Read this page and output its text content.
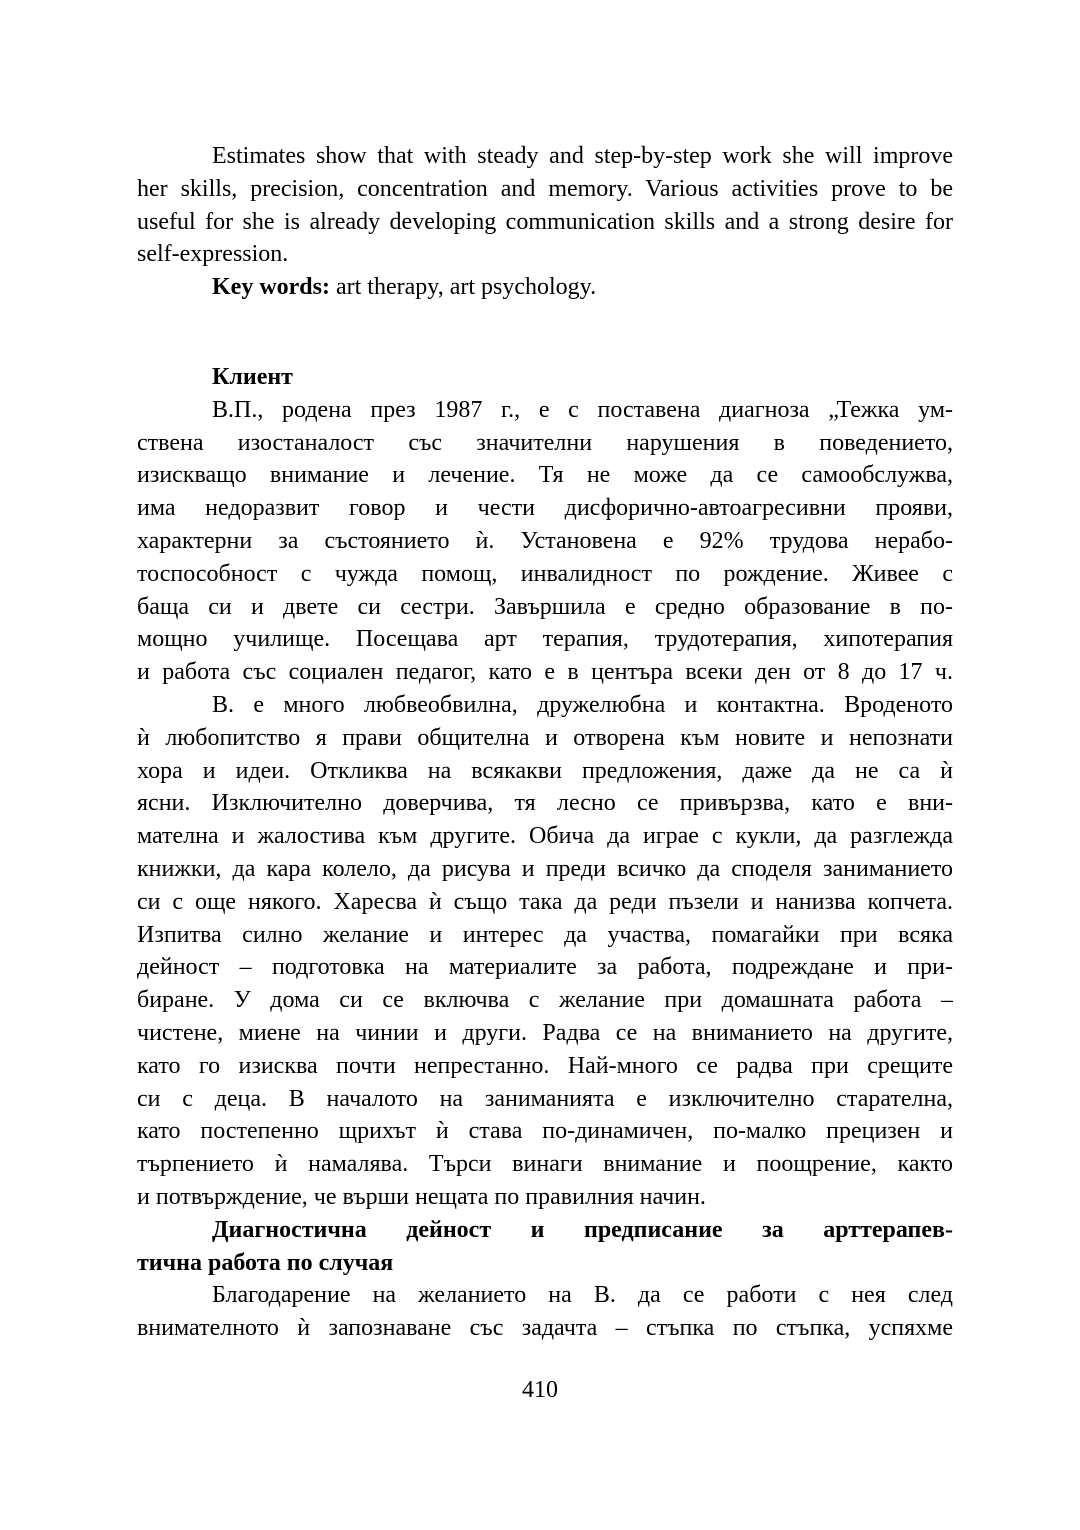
Estimates show that with steady and step-by-step work she will improve
her skills, precision, concentration and memory. Various activities prove to be
useful for she is already developing communication skills and a strong desire for
self-expression.
Key words: art therapy, art psychology.
Клиент
В.П., родена през 1987 г., е с поставена диагноза „Тежка ум-
ствена изостаналост със значителни нарушения в поведението,
изискващо внимание и лечение. Тя не може да се самообслужва,
има недоразвит говор и чести дисфорично-автоагресивни прояви,
характерни за състоянието ѝ. Установена е 92% трудова нерабо-
тоспособност с чужда помощ, инвалидност по рождение. Живее с
баща си и двете си сестри. Завършила е средно образование в по-
мощно училище. Посещава арт терапия, трудотерапия, хипотерапия
и работа със социален педагог, като е в центъра всеки ден от 8 до 17 ч.
В. е много любвеобвилна, дружелюбна и контактна. Вроденото
ѝ любопитство я прави общителна и отворена към новите и непознати
хора и идеи. Откликва на всякакви предложения, даже да не са ѝ
ясни. Изключително доверчива, тя лесно се привързва, като е вни-
мателна и жалостива към другите. Обича да играе с кукли, да разглежда
книжки, да кара колело, да рисува и преди всичко да споделя заниманието
си с още някого. Харесва ѝ също така да реди пъзели и нанизва копчета.
Изпитва силно желание и интерес да участва, помагайки при всяка
дейност – подготовка на материалите за работа, подреждане и при-
биране. У дома си се включва с желание при домашната работа –
чистене, миене на чинии и други. Радва се на вниманието на другите,
като го изисква почти непрестанно. Най-много се радва при срещите
си с деца. В началото на заниманията е изключително старателна,
като постепенно щрихът ѝ става по-динамичен, по-малко прецизен и
търпението ѝ намалява. Търси винаги внимание и поощрение, както
и потвърждение, че върши нещата по правилния начин.
Диагностична дейност и предписание за арттерапев-
тична работа по случая
Благодарение на желанието на В. да се работи с нея след
внимателното ѝ запознаване със задачта – стъпка по стъпка, успяхме
410
